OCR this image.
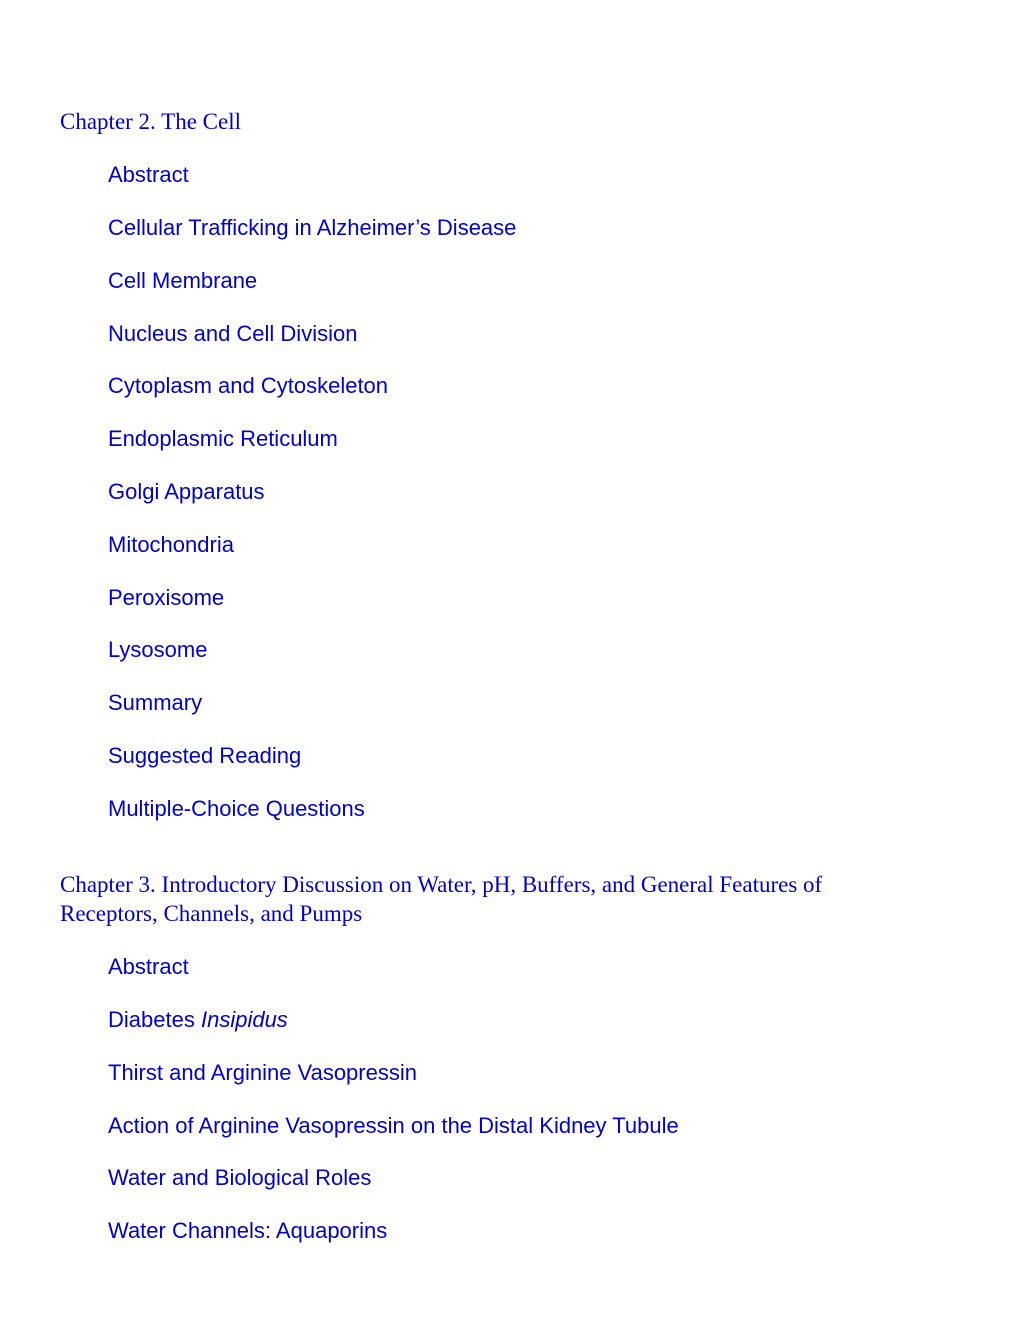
Chapter 2. The Cell
Abstract
Cellular Trafficking in Alzheimer’s Disease
Cell Membrane
Nucleus and Cell Division
Cytoplasm and Cytoskeleton
Endoplasmic Reticulum
Golgi Apparatus
Mitochondria
Peroxisome
Lysosome
Summary
Suggested Reading
Multiple-Choice Questions
Chapter 3. Introductory Discussion on Water, pH, Buffers, and General Features of
Receptors, Channels, and Pumps
Abstract
Diabetes Insipidus
Thirst and Arginine Vasopressin
Action of Arginine Vasopressin on the Distal Kidney Tubule
Water and Biological Roles
Water Channels: Aquaporins
